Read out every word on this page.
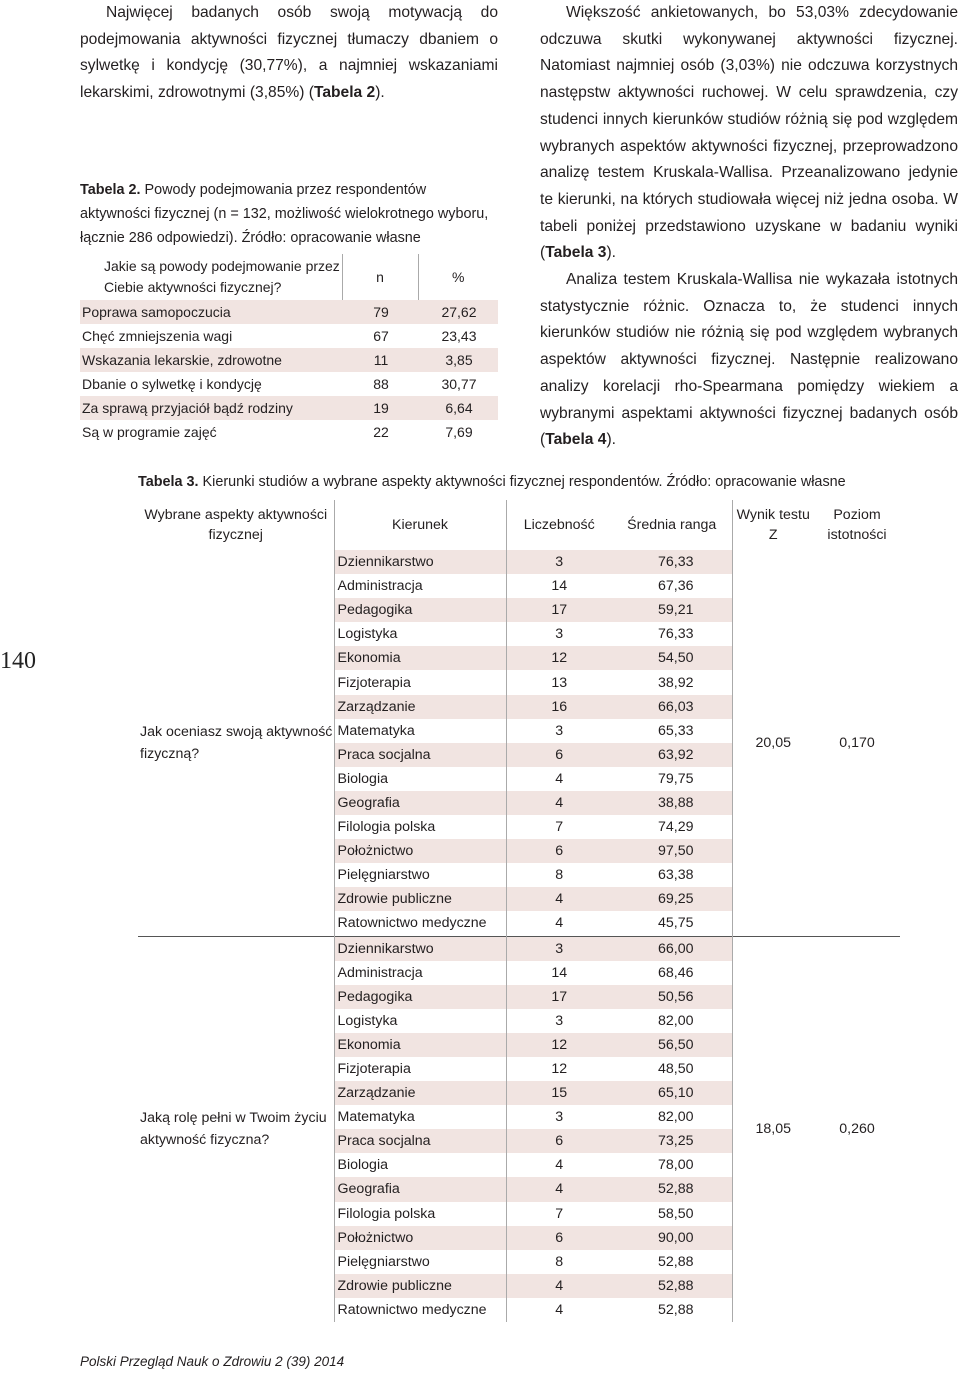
Najwięcej badanych osób swoją motywacją do podejmowania aktywności fizycznej tłumaczy dbaniem o sylwetkę i kondycję (30,77%), a najmniej wskazaniami lekarskimi, zdrowotnymi (3,85%) (Tabela 2).

Tabela 2. Powody podejmowania przez respondentów aktywności fizycznej (n = 132, możliwość wielokrotnego wyboru, łącznie 286 odpowiedzi). Źródło: opracowanie własne
Jakie są powody podejmowanie przez Ciebie aktywności fizycznej?	n	%
Poprawa samopoczucia	79	27,62
Chęć zmniejszenia wagi	67	23,43
Wskazania lekarskie, zdrowotne	11	3,85
Dbanie o sylwetkę i kondycję	88	30,77
Za sprawą przyjaciół bądź rodziny	19	6,64
Są w programie zajęć	22	7,69

Większość ankietowanych, bo 53,03% zdecydowanie odczuwa skutki wykonywanej aktywności fizycznej. Natomiast najmniej osób (3,03%) nie odczuwa korzystnych następstw aktywności ruchowej. W celu sprawdzenia, czy studenci innych kierunków studiów różnią się pod względem wybranych aspektów aktywności fizycznej, przeprowadzono analizę testem Kruskala-Wallisa. Przeanalizowano jedynie te kierunki, na których studiowała więcej niż jedna osoba. W tabeli poniżej przedstawiono uzyskane w badaniu wyniki (Tabela 3).

Analiza testem Kruskala-Wallisa nie wykazała istotnych statystycznie różnic. Oznacza to, że studenci innych kierunków studiów nie różnią się pod względem wybranych aspektów aktywności fizycznej. Następnie realizowano analizy korelacji rho-Spearmana pomiędzy wiekiem a wybranymi aspektami aktywności fizycznej badanych osób (Tabela 4).

Tabela 3. Kierunki studiów a wybrane aspekty aktywności fizycznej respondentów. Źródło: opracowanie własne
Wybrane aspekty aktywności fizycznej	Kierunek	Liczebność	Średnia ranga	Wynik testu Z	Poziom istotności
Jak oceniasz swoją aktywność fizyczną?	Dziennikarstwo	3	76,33	20,05	0,170
	Administracja	14	67,36		
	Pedagogika	17	59,21		
	Logistyka	3	76,33		
	Ekonomia	12	54,50		
	Fizjoterapia	13	38,92		
	Zarządzanie	16	66,03		
	Matematyka	3	65,33		
	Praca socjalna	6	63,92		
	Biologia	4	79,75		
	Geografia	4	38,88		
	Filologia polska	7	74,29		
	Położnictwo	6	97,50		
	Pielęgniarstwo	8	63,38		
	Zdrowie publiczne	4	69,25		
	Ratownictwo medyczne	4	45,75		
Jaką rolę pełni w Twoim życiu aktywność fizyczna?	Dziennikarstwo	3	66,00	18,05	0,260
	Administracja	14	68,46		
	Pedagogika	17	50,56		
	Logistyka	3	82,00		
	Ekonomia	12	56,50		
	Fizjoterapia	12	48,50		
	Zarządzanie	15	65,10		
	Matematyka	3	82,00		
	Praca socjalna	6	73,25		
	Biologia	4	78,00		
	Geografia	4	52,88		
	Filologia polska	7	58,50		
	Położnictwo	6	90,00		
	Pielęgniarstwo	8	52,88		
	Zdrowie publiczne	4	52,88		
	Ratownictwo medyczne	4	52,88		
140
Polski Przegląd Nauk o Zdrowiu 2 (39) 2014
